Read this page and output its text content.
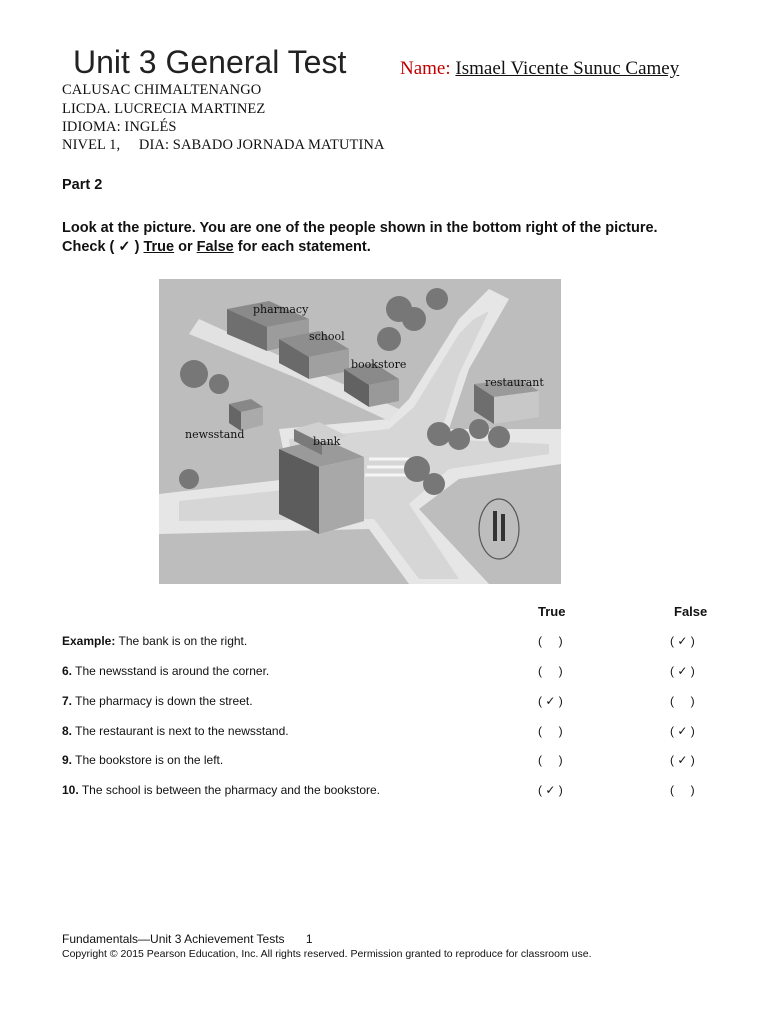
Unit 3 General Test	Name: Ismael Vicente Sunuc Camey
CALUSAC CHIMALTENANGO
LICDA. LUCRECIA MARTINEZ
IDIOMA: INGLÉS
NIVEL 1,     DIA: SABADO JORNADA MATUTINA
Part 2
Look at the picture. You are one of the people shown in the bottom right of the picture.
Check ( ✓ ) True or False for each statement.
pharmacy
school
bookstore
restaurant
newsstand
bank
True	False
Example: The bank is on the right.	(     )	( ✓ )
6. The newsstand is around the corner.	(     )	( ✓ )
7. The pharmacy is down the street.	( ✓ )	(     )
8. The restaurant is next to the newsstand.	(     )	( ✓ )
9. The bookstore is on the left.	(     )	( ✓ )
10. The school is between the pharmacy and the bookstore.	( ✓ )	(     )
Fundamentals—Unit 3 Achievement Tests 1
Copyright © 2015 Pearson Education, Inc. All rights reserved. Permission granted to reproduce for classroom use.
